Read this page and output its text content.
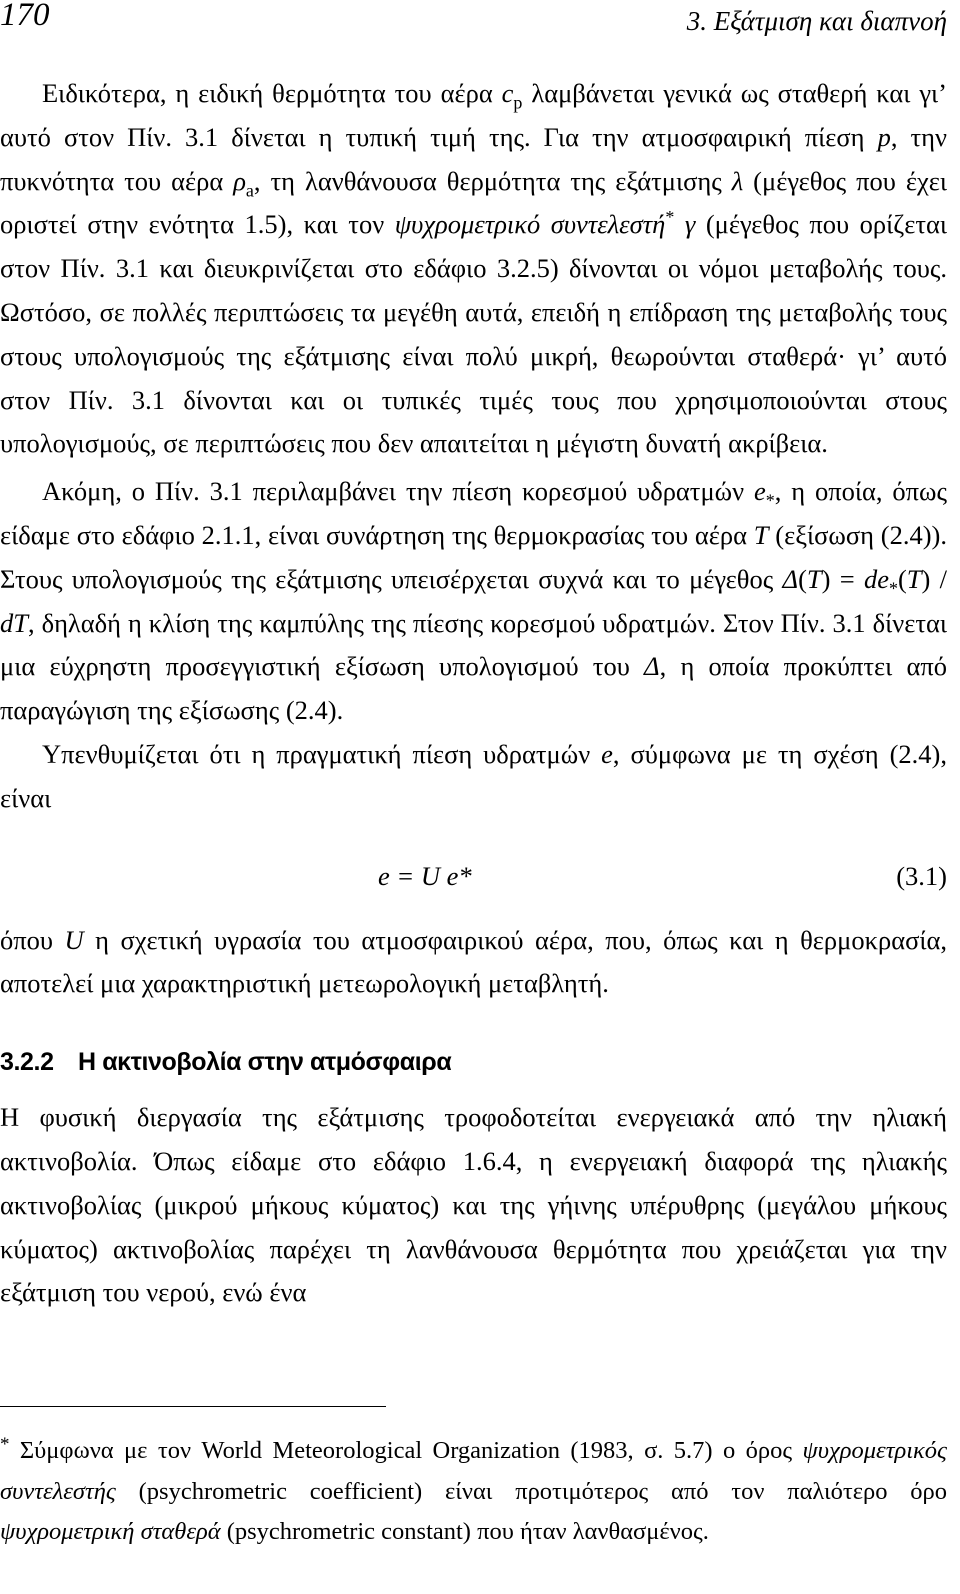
170	3. Εξάτμιση και διαπνοή

Ειδικότερα, η ειδική θερμότητα του αέρα $c_p$ λαμβάνεται γενικά ως σταθερή και γι’ αυτό στον Πίν. 3.1 δίνεται η τυπική τιμή της. Για την ατμοσφαιρική πίεση p, την πυκνότητα του αέρα $\rho_a$, τη λανθάνουσα θερμότητα της εξάτμισης λ (μέγεθος που έχει οριστεί στην ενότητα 1.5), και τον ψυχρομετρικό συντελεστή* γ (μέγεθος που ορίζεται στον Πίν. 3.1 και διευκρινίζεται στο εδάφιο 3.2.5) δίνονται οι νόμοι μεταβολής τους. Ωστόσο, σε πολλές περιπτώσεις τα μεγέθη αυτά, επειδή η επίδραση της μεταβολής τους στους υπολογισμούς της εξάτμισης είναι πολύ μικρή, θεωρούνται σταθερά· γι’ αυτό στον Πίν. 3.1 δίνονται και οι τυπικές τιμές τους που χρησιμοποιούνται στους υπολογισμούς, σε περιπτώσεις που δεν απαιτείται η μέγιστη δυνατή ακρίβεια.

Ακόμη, ο Πίν. 3.1 περιλαμβάνει την πίεση κορεσμού υδρατμών $e_*$, η οποία, όπως είδαμε στο εδάφιο 2.1.1, είναι συνάρτηση της θερμοκρασίας του αέρα T (εξίσωση (2.4)). Στους υπολογισμούς της εξάτμισης υπεισέρχεται συχνά και το μέγεθος $\Delta(T) = de_*(T)$ / dT, δηλαδή η κλίση της καμπύλης της πίεσης κορεσμού υδρατμών. Στον Πίν. 3.1 δίνεται μια εύχρηστη προσεγγιστική εξίσωση υπολογισμού του Δ, η οποία προκύπτει από παραγώγιση της εξίσωσης (2.4).

Υπενθυμίζεται ότι η πραγματική πίεση υδρατμών e, σύμφωνα με τη σχέση (2.4), είναι

e = U e*	(3.1)

όπου U η σχετική υγρασία του ατμοσφαιρικού αέρα, που, όπως και η θερμοκρασία, αποτελεί μια χαρακτηριστική μετεωρολογική μεταβλητή.

3.2.2 Η ακτινοβολία στην ατμόσφαιρα

Η φυσική διεργασία της εξάτμισης τροφοδοτείται ενεργειακά από την ηλιακή ακτινοβολία. Όπως είδαμε στο εδάφιο 1.6.4, η ενεργειακή διαφορά της ηλιακής ακτινοβολίας (μικρού μήκους κύματος) και της γήινης υπέρυθρης (μεγάλου μήκους κύματος) ακτινοβολίας παρέχει τη λανθάνουσα θερμότητα που χρειάζεται για την εξάτμιση του νερού, ενώ ένα

* Σύμφωνα με τον World Meteorological Organization (1983, σ. 5.7) ο όρος ψυχρομετρικός συντελεστής (psychrometric coefficient) είναι προτιμότερος από τον παλιότερο όρο ψυχρομετρική σταθερά (psychrometric constant) που ήταν λανθασμένος.
